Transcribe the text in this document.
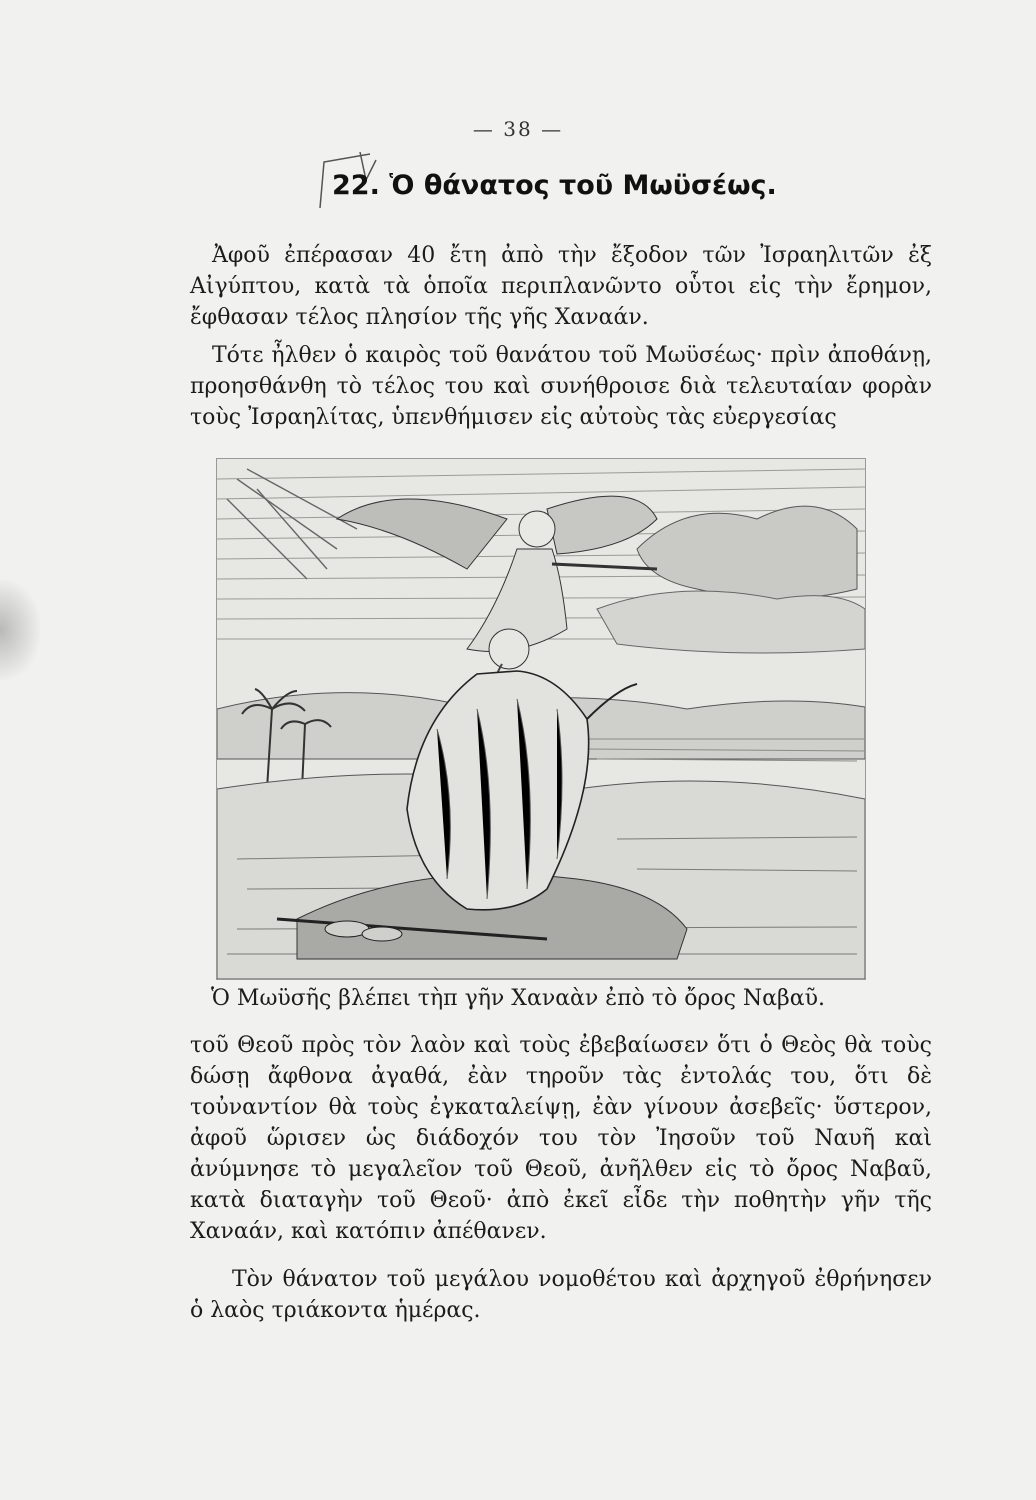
— 38 —
22. Ὁ θάνατος τοῦ Μωϋσέως.

Ἀφοῦ ἐπέρασαν 40 ἔτη ἀπὸ τὴν ἔξοδον τῶν Ἰσραηλιτῶν ἐξ Αἰγύπτου, κατὰ τὰ ὁποῖα περιπλανῶντο οὗτοι εἰς τὴν ἔρημον, ἔφθασαν τέλος πλησίον τῆς γῆς Χαναάν.

Τότε ἦλθεν ὁ καιρὸς τοῦ θανάτου τοῦ Μωϋσέως· πρὶν ἀποθάνῃ, προησθάνθη τὸ τέλος του καὶ συνήθροισε διὰ τελευταίαν φορὰν τοὺς Ἰσραηλίτας, ὑπενθήμισεν εἰς αὐτοὺς τὰς εὐεργεσίας

Ὁ Μωϋσῆς βλέπει τὴπ γῆν Χαναὰν ἐπὸ τὸ ὄρος Ναβαῦ.

τοῦ Θεοῦ πρὸς τὸν λαὸν καὶ τοὺς ἐβεβαίωσεν ὅτι ὁ Θεὸς θὰ τοὺς δώσῃ ἄφθονα ἀγαθά, ἐὰν τηροῦν τὰς ἐντολάς του, ὅτι δὲ τοὐναντίον θὰ τοὺς ἐγκαταλείψῃ, ἐὰν γίνουν ἀσεβεῖς· ὕστερον, ἀφοῦ ὥρισεν ὡς διάδοχόν του τὸν Ἰησοῦν τοῦ Ναυῆ καὶ ἀνύμνησε τὸ μεγαλεῖον τοῦ Θεοῦ, ἀνῆλθεν εἰς τὸ ὄρος Ναβαῦ, κατὰ διαταγὴν τοῦ Θεοῦ· ἀπὸ ἐκεῖ εἶδε τὴν ποθητὴν γῆν τῆς Χαναάν, καὶ κατόπιν ἀπέθανεν.

Τὸν θάνατον τοῦ μεγάλου νομοθέτου καὶ ἀρχηγοῦ ἐθρήνησεν ὁ λαὸς τριάκοντα ἡμέρας.
